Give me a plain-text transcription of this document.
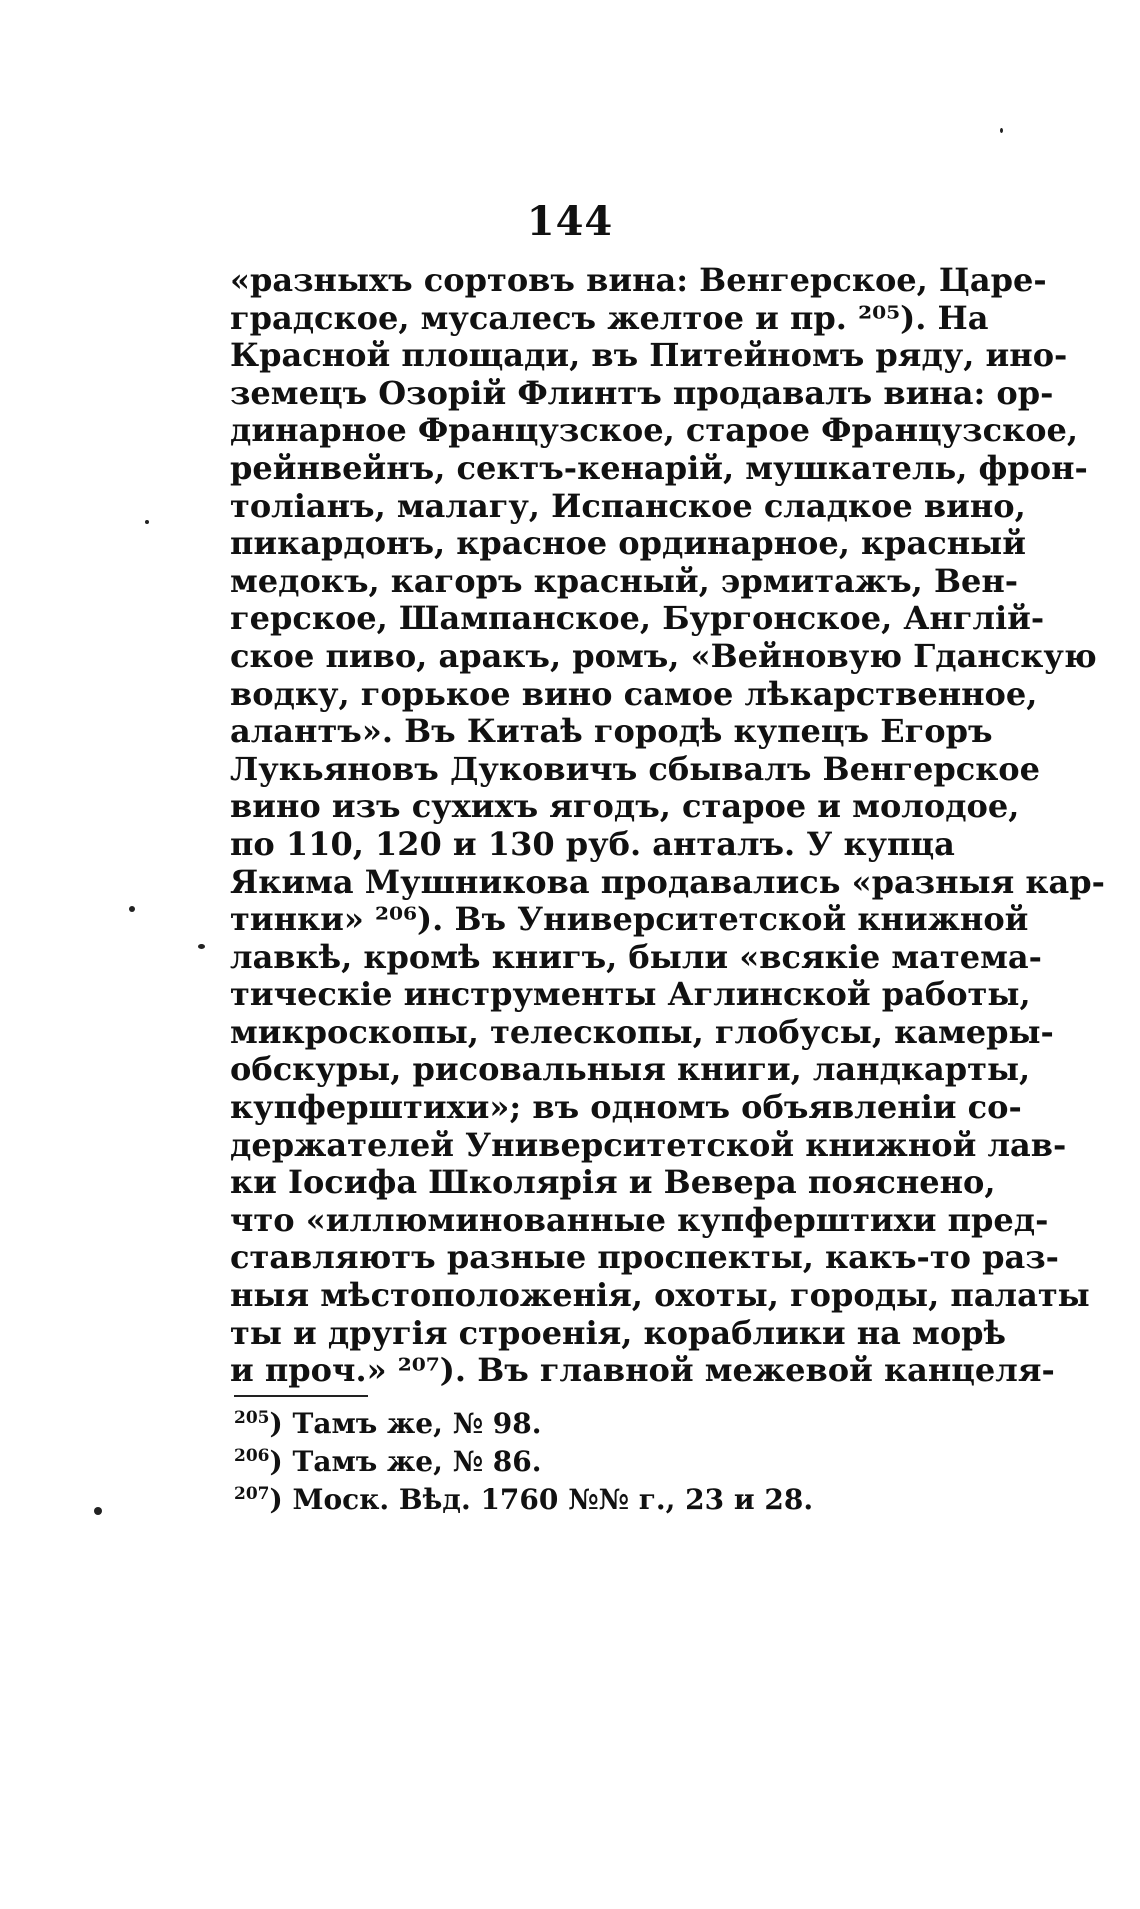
144
«разныхъ сортовъ вина: Венгерское, Царе-
градское, мусалесъ желтое и пр. ²⁰⁵). На
Красной площади, въ Питейномъ ряду, ино-
земецъ Озорій Флинтъ продавалъ вина: ор-
динарное Французское, старое Французское,
рейнвейнъ, сектъ-кенарій, мушкатель, фрон-
толіанъ, малагу, Испанское сладкое вино,
пикардонъ, красное ординарное, красный
медокъ, кагоръ красный, эрмитажъ, Вен-
герское, Шампанское, Бургонское, Англій-
ское пиво, аракъ, ромъ, «Вейновую Гданскую
водку, горькое вино самое лѣкарственное,
алантъ». Въ Китаѣ городѣ купецъ Егоръ
Лукьяновъ Дуковичъ сбывалъ Венгерское
вино изъ сухихъ ягодъ, старое и молодое,
по 110, 120 и 130 руб. анталъ. У купца
Якима Мушникова продавались «разныя кар-
тинки» ²⁰⁶). Въ Университетской книжной
лавкѣ, кромѣ книгъ, были «всякіе матема-
тическіе инструменты Аглинской работы,
микроскопы, телескопы, глобусы, камеры-
обскуры, рисовальныя книги, ландкарты,
купферштихи»; въ одномъ объявленіи со-
держателей Университетской книжной лав-
ки Іосифа Школярія и Вевера пояснено,
что «иллюминованные купферштихи пред-
ставляютъ разные проспекты, какъ-то раз-
ныя мѣстоположенія, охоты, городы, палаты
ты и другія строенія, кораблики на морѣ
и проч.» ²⁰⁷). Въ главной межевой канцеля-
$^{205}$) Тамъ же, № 98.
$^{206}$) Тамъ же, № 86.
$^{207}$) Моск. Вѣд. 1760 №№ г., 23 и 28.
